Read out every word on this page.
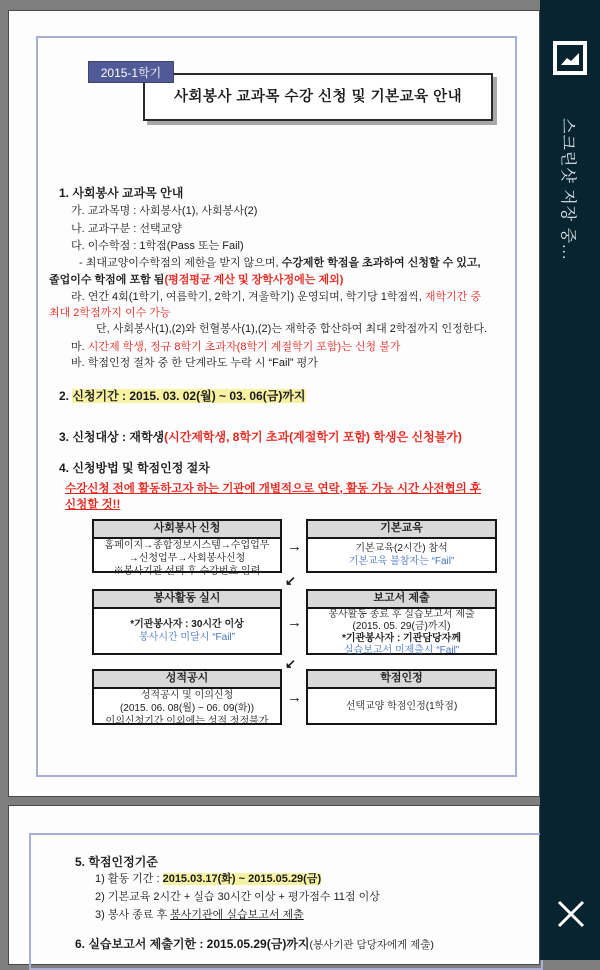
2015-1학기
사회봉사 교과목 수강 신청 및 기본교육 안내
1. 사회봉사 교과목 안내
가. 교과목명 : 사회봉사(1), 사회봉사(2)
나. 교과구분 : 선택교양
다. 이수학점 : 1학점(Pass 또는 Fail)
- 최대교양이수학점의 제한을 받지 않으며, 수강제한 학점을 초과하여 신청할 수 있고,
졸업이수 학점에 포함 됨(평점평균 계산 및 장학사정에는 제외)
라. 연간 4회(1학기, 여름학기, 2학기, 겨울학기) 운영되며, 학기당 1학점씩, 재학기간 중
최대 2학점까지 이수 가능
단, 사회봉사(1),(2)와 헌혈봉사(1),(2)는 재학중 합산하여 최대 2학점까지 인정한다.
마. 시간제 학생, 정규 8학기 초과자(8학기 계절학기 포함)는 신청 불가
바. 학점인정 절차 중 한 단계라도 누락 시 “Fail” 평가
2. 신청기간 : 2015. 03. 02(월) ~ 03. 06(금)까지
3. 신청대상 : 재학생(시간제학생, 8학기 초과(계절학기 포함) 학생은 신청불가)
4. 신청방법 및 학점인정 절차
수강신청 전에 활동하고자 하는 기관에 개별적으로 연락, 활동 가능 시간 사전협의 후
신청할 것!!
사회봉사 신청
홈페이지→종합정보시스템→수업업무
→신청업무→사회봉사신청
※봉사기관 선택 후 수강번호 입력
→
기본교육
기본교육(2시간) 참석
기본교육 불참자는 “Fail”
↙
봉사활동 실시
*기관봉사자 : 30시간 이상
봉사시간 미달시 “Fail”
→
보고서 제출
봉사활동 종료 후 실습보고서 제출
(2015. 05. 29(금)까지)
*기관봉사자 : 기관담당자께
실습보고서 미제출시 “Fail”
↙
성적공시
성적공시 및 이의신청
(2015. 06. 08(월) ~ 06. 09(화))
이의신청기간 이외에는 성적 정정불가
→
학점인정
선택교양 학점인정(1학점)
5. 학점인정기준
1) 활동 기간 : 2015.03.17(화) ~ 2015.05.29(금)
2) 기본교육 2시간 + 실습 30시간 이상 + 평가점수 11점 이상
3) 봉사 종료 후 봉사기관에 실습보고서 제출
6. 실습보고서 제출기한 : 2015.05.29(금)까지(봉사기관 담당자에게 제출)
스크린샷 저장 중...
